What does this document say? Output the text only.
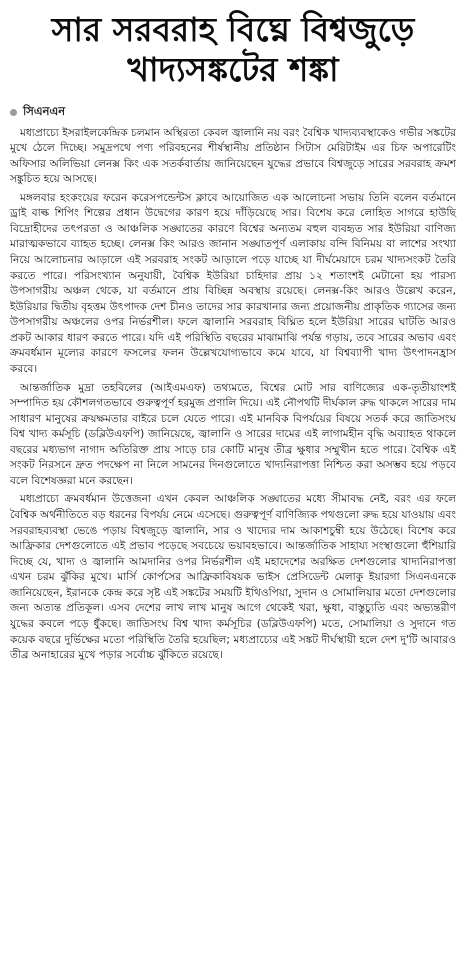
সার সরবরাহ বিঘ্নে বিশ্বজুড়ে
খাদ্যসঙ্কটের শঙ্কা
সিএনএন

মধ্যপ্রাচ্যে ইসরাইলকেন্দ্রিক চলমান অস্থিরতা কেবল জ্বালানি নয় বরং বৈশ্বিক খাদ্যব্যবস্থাকেও গভীর সঙ্কটের মুখে ঠেলে দিচ্ছে। সমুদ্রপথে পণ্য পরিবহনের শীর্ষস্থানীয় প্রতিষ্ঠান সিটাস মেরিটাইম এর চিফ অপারেটিং অফিসার অলিভিয়া লেনক্স কিং এক সতর্কবার্তায় জানিয়েছেন যুদ্ধের প্রভাবে বিশ্বজুড়ে সারের সরবরাহ ক্রমশ সঙ্কুচিত হয়ে আসছে।

মঙ্গলবার হংকংয়ের ফরেন করেসপন্ডেন্টস ক্লাবে আয়োজিত এক আলোচনা সভায় তিনি বলেন বর্তমানে ড্রাই বাল্ক শিপিং শিল্পের প্রধান উদ্বেগের কারণ হয়ে দাঁড়িয়েছে সার। বিশেষ করে লোহিত সাগরে হাউছি বিদ্রোহীদের তৎপরতা ও আঞ্চলিক সঙ্ঘাতের কারণে বিশ্বের অন্যতম বহুল ব্যবহৃত সার ইউরিয়া বাণিজ্য মারাত্মকভাবে ব্যাহত হচ্ছে। লেনক্স কিং আরও জানান সঙ্ঘাতপূর্ণ এলাকায় বন্দি বিনিময় বা লাশের সংখ্যা নিয়ে আলোচনার আড়ালে এই সরবরাহ সংকট আড়ালে পড়ে যাচ্ছে যা দীর্ঘমেয়াদে চরম খাদ্যসংকট তৈরি করতে পারে। পরিসংখ্যান অনুযায়ী, বৈশ্বিক ইউরিয়া চাহিদার প্রায় ১২ শতাংশই মেটানো হয় পারস্য উপসাগরীয় অঞ্চল থেকে, যা বর্তমানে প্রায় বিচ্ছিন্ন অবস্থায় রয়েছে। লেনক্স-কিং আরও উল্লেখ করেন, ইউরিয়ার দ্বিতীয় বৃহত্তম উৎপাদক দেশ চীনও তাদের সার কারখানার জন্য প্রয়োজনীয় প্রাকৃতিক গ্যাসের জন্য উপসাগরীয় অঞ্চলের ওপর নির্ভরশীল। ফলে জ্বালানি সরবরাহ বিঘ্নিত হলে ইউরিয়া সারের ঘাটতি আরও প্রকট আকার ধারণ করতে পারে। যদি এই পরিস্থিতি বছরের মাঝামাঝি পর্যন্ত গড়ায়, তবে সারের অভাব এবং ক্রমবর্ধমান মূল্যের কারণে ফসলের ফলন উল্লেখযোগ্যভাবে কমে যাবে, যা বিশ্বব্যাপী খাদ্য উৎপাদনহ্রাস করবে।

আন্তর্জাতিক মুদ্রা তহবিলের (আইএমএফ) তথ্যমতে, বিশ্বের মোট সার বাণিজ্যের এক-তৃতীয়াংশই সম্পাদিত হয় কৌশলগতভাবে গুরুত্বপূর্ণ হরমুজ প্রণালি দিয়ে। এই নৌপথটি দীর্ঘকাল রুদ্ধ থাকলে সারের দাম সাধারণ মানুষের ক্রয়ক্ষমতার বাইরে চলে যেতে পারে। এই মানবিক বিপর্যয়ের বিষয়ে সতর্ক করে জাতিসংঘ বিশ্ব খাদ্য কর্মসূচি (ডব্লিউএফপি) জানিয়েছে, জ্বালানি ও সারের দামের এই লাগামহীন বৃদ্ধি অব্যাহত থাকলে বছরের মধ্যভাগ নাগাদ অতিরিক্ত প্রায় সাড়ে চার কোটি মানুষ তীব্র ক্ষুধার সম্মুখীন হতে পারে। বৈশ্বিক এই সংকট নিরসনে দ্রুত পদক্ষেপ না নিলে সামনের দিনগুলোতে খাদ্যনিরাপত্তা নিশ্চিত করা অসম্ভব হয়ে পড়বে বলে বিশেষজ্ঞরা মনে করছেন।

মধ্যপ্রাচ্যে ক্রমবর্ধমান উত্তেজনা এখন কেবল আঞ্চলিক সঙ্ঘাতের মধ্যে সীমাবদ্ধ নেই, বরং এর ফলে বৈশ্বিক অর্থনীতিতে বড় ধরনের বিপর্যয় নেমে এসেছে। গুরুত্বপূর্ণ বাণিজ্যিক পথগুলো রুদ্ধ হয়ে যাওয়ায় এবং সরবরাহব্যবস্থা ভেঙে পড়ায় বিশ্বজুড়ে জ্বালানি, সার ও খাদ্যের দাম আকাশচুম্বী হয়ে উঠেছে। বিশেষ করে আফ্রিকার দেশগুলোতে এই প্রভাব পড়েছে সবচেয়ে ভয়াবহভাবে। আন্তর্জাতিক সাহায্য সংস্থাগুলো হুঁশিয়ারি দিচ্ছে যে, খাদ্য ও জ্বালানি আমদানির ওপর নির্ভরশীল এই মহাদেশের অরক্ষিত দেশগুলোর খাদ্যনিরাপত্তা এখন চরম ঝুঁকির মুখে। মার্সি কোর্পসের আফ্রিকাবিষয়ক ভাইস প্রেসিডেন্ট মেলাকু ইয়ারগা সিএনএনকে জানিয়েছেন, ইরানকে কেন্দ্র করে সৃষ্ট এই সঙ্কটের সময়টি ইথিওপিয়া, সুদান ও সোমালিয়ার মতো দেশগুলোর জন্য অত্যন্ত প্রতিকূল। এসব দেশের লাখ লাখ মানুষ আগে থেকেই খরা, ক্ষুধা, বাস্তুচ্যুতি এবং অভ্যন্তরীণ যুদ্ধের কবলে পড়ে ধুঁকছে। জাতিসংঘ বিশ্ব খাদ্য কর্মসূচির (ডব্লিউএফপি) মতে, সোমালিয়া ও সুদানে গত কয়েক বছরে দুর্ভিক্ষের মতো পরিস্থিতি তৈরি হয়েছিল; মধ্যপ্রাচ্যের এই সঙ্কট দীর্ঘস্থায়ী হলে দেশ দু'টি আবারও তীব্র অনাহারের মুখে পড়ার সর্বোচ্চ ঝুঁকিতে রয়েছে।
